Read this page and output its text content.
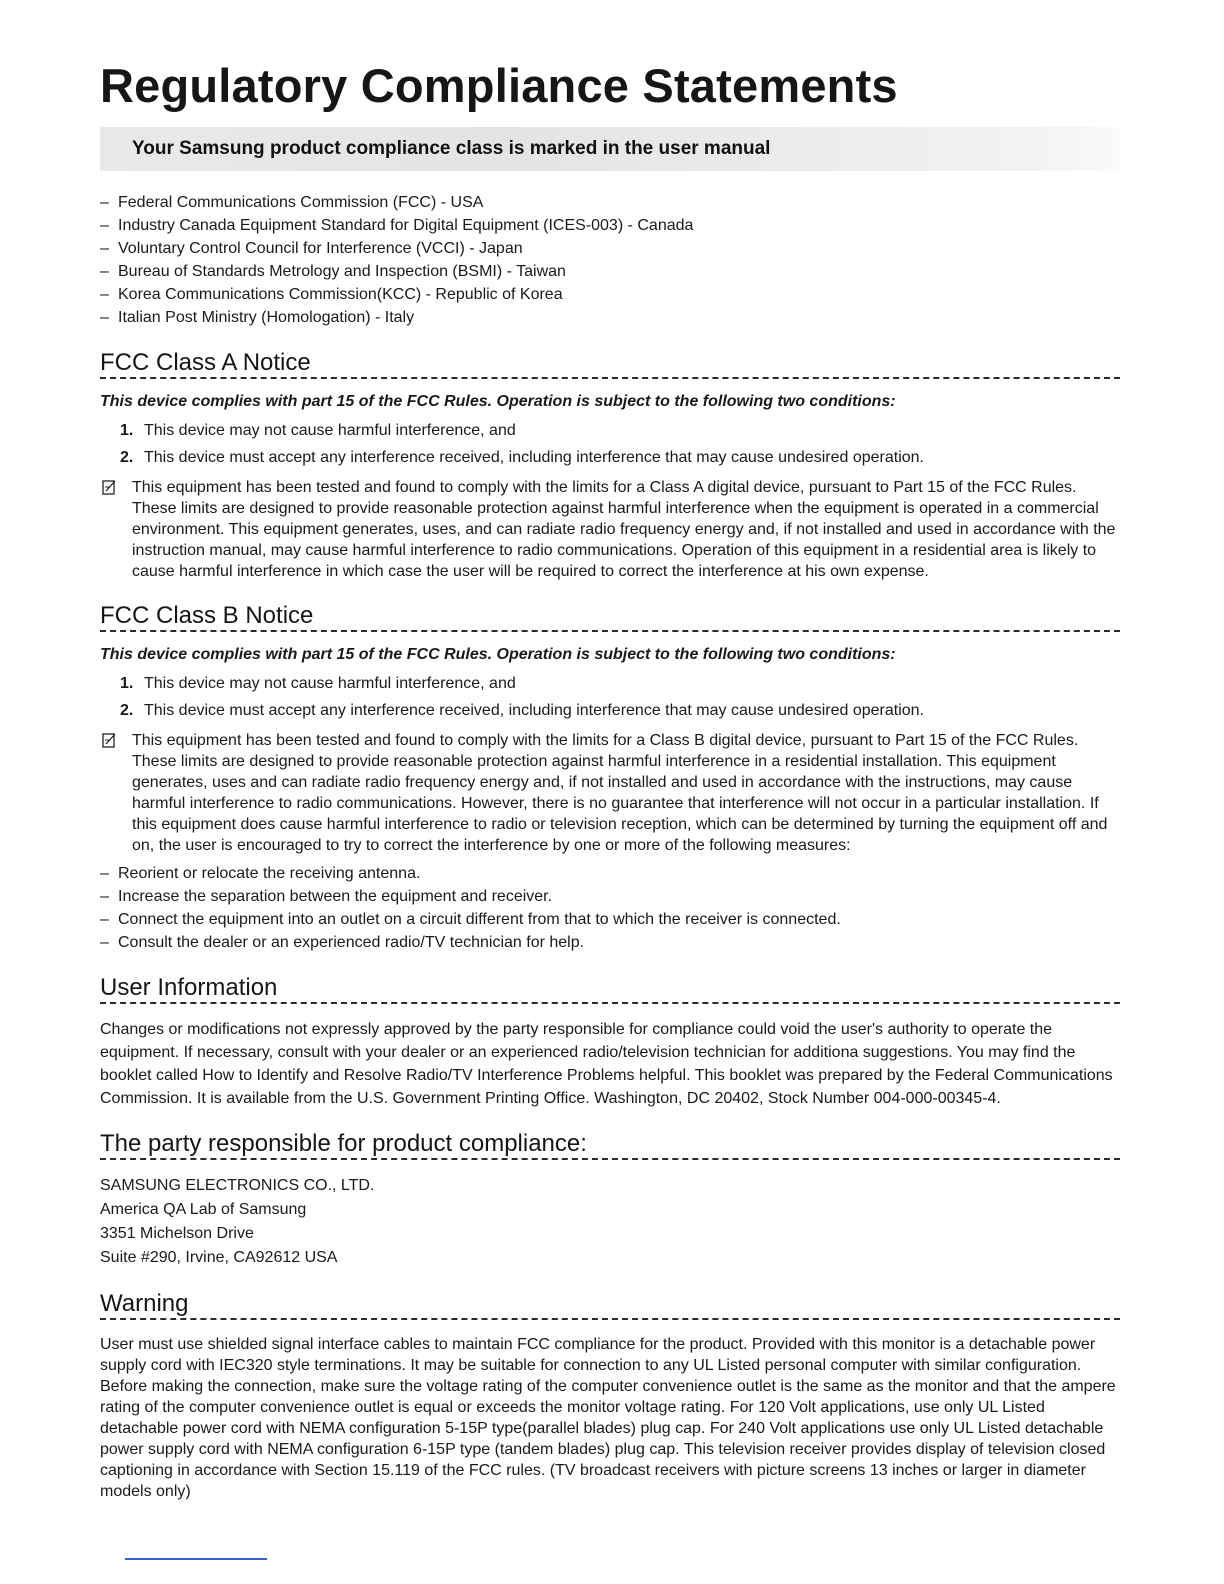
Regulatory Compliance Statements
Your Samsung product compliance class is marked in the user manual
– Federal Communications Commission (FCC) - USA
– Industry Canada Equipment Standard for Digital Equipment (ICES-003) - Canada
– Voluntary Control Council for Interference (VCCI) - Japan
– Bureau of Standards Metrology and Inspection (BSMI) - Taiwan
– Korea Communications Commission(KCC) - Republic of Korea
– Italian Post Ministry (Homologation) - Italy
FCC Class A Notice
This device complies with part 15 of the FCC Rules. Operation is subject to the following two conditions:
1. This device may not cause harmful interference, and
2. This device must accept any interference received, including interference that may cause undesired operation.
This equipment has been tested and found to comply with the limits for a Class A digital device, pursuant to Part 15 of the FCC Rules. These limits are designed to provide reasonable protection against harmful interference when the equipment is operated in a commercial environment. This equipment generates, uses, and can radiate radio frequency energy and, if not installed and used in accordance with the instruction manual, may cause harmful interference to radio communications. Operation of this equipment in a residential area is likely to cause harmful interference in which case the user will be required to correct the interference at his own expense.
FCC Class B Notice
This device complies with part 15 of the FCC Rules. Operation is subject to the following two conditions:
1. This device may not cause harmful interference, and
2. This device must accept any interference received, including interference that may cause undesired operation.
This equipment has been tested and found to comply with the limits for a Class B digital device, pursuant to Part 15 of the FCC Rules. These limits are designed to provide reasonable protection against harmful interference in a residential installation. This equipment generates, uses and can radiate radio frequency energy and, if not installed and used in accordance with the instructions, may cause harmful interference to radio communications. However, there is no guarantee that interference will not occur in a particular installation. If this equipment does cause harmful interference to radio or television reception, which can be determined by turning the equipment off and on, the user is encouraged to try to correct the interference by one or more of the following measures:
– Reorient or relocate the receiving antenna.
– Increase the separation between the equipment and receiver.
– Connect the equipment into an outlet on a circuit different from that to which the receiver is connected.
– Consult the dealer or an experienced radio/TV technician for help.
User Information
Changes or modifications not expressly approved by the party responsible for compliance could void the user's authority to operate the equipment. If necessary, consult with your dealer or an experienced radio/television technician for additiona suggestions. You may find the booklet called How to Identify and Resolve Radio/TV Interference Problems helpful. This booklet was prepared by the Federal Communications Commission. It is available from the U.S. Government Printing Office. Washington, DC 20402, Stock Number 004-000-00345-4.
The party responsible for product compliance:
SAMSUNG ELECTRONICS CO., LTD.
America QA Lab of Samsung
3351 Michelson Drive
Suite #290, Irvine, CA92612 USA
Warning
User must use shielded signal interface cables to maintain FCC compliance for the product. Provided with this monitor is a detachable power supply cord with IEC320 style terminations. It may be suitable for connection to any UL Listed personal computer with similar configuration. Before making the connection, make sure the voltage rating of the computer convenience outlet is the same as the monitor and that the ampere rating of the computer convenience outlet is equal or exceeds the monitor voltage rating. For 120 Volt applications, use only UL Listed detachable power cord with NEMA configuration 5-15P type(parallel blades) plug cap. For 240 Volt applications use only UL Listed detachable power supply cord with NEMA configuration 6-15P type (tandem blades) plug cap. This television receiver provides display of television closed captioning in accordance with Section 15.119 of the FCC rules. (TV broadcast receivers with picture screens 13 inches or larger in diameter models only)
